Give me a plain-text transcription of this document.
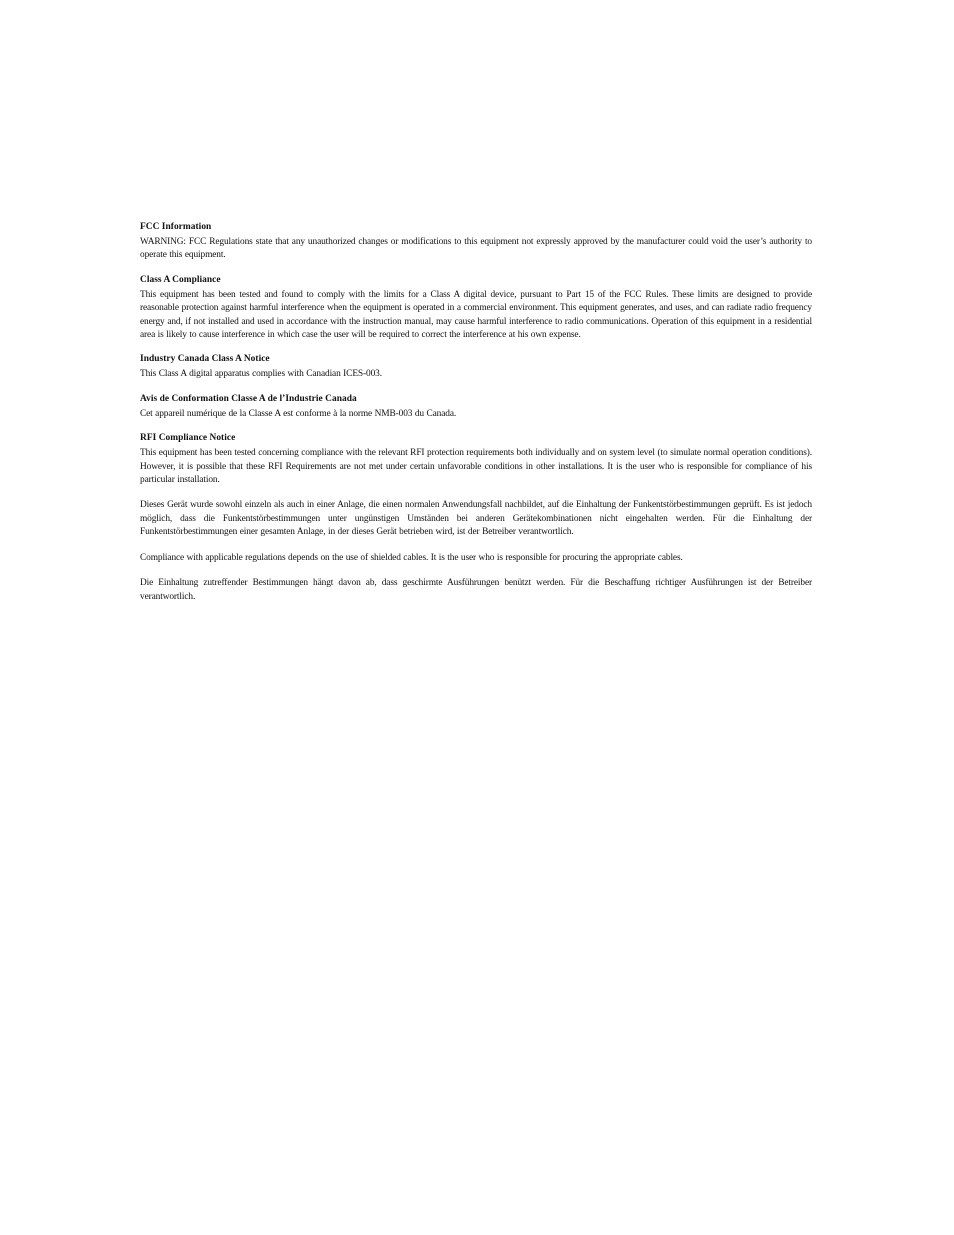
FCC Information

WARNING: FCC Regulations state that any unauthorized changes or modifications to this equipment not expressly approved by the manufacturer could void the user’s authority to operate this equipment.

Class A Compliance

This equipment has been tested and found to comply with the limits for a Class A digital device, pursuant to Part 15 of the FCC Rules. These limits are designed to provide reasonable protection against harmful interference when the equipment is operated in a commercial environment. This equipment generates, and uses, and can radiate radio frequency energy and, if not installed and used in accordance with the instruction manual, may cause harmful interference to radio communications. Operation of this equipment in a residential area is likely to cause interference in which case the user will be required to correct the interference at his own expense.

Industry Canada Class A Notice

This Class A digital apparatus complies with Canadian ICES-003.

Avis de Conformation Classe A de l’Industrie Canada

Cet appareil numérique de la Classe A est conforme à la norme NMB-003 du Canada.

RFI Compliance Notice

This equipment has been tested concerning compliance with the relevant RFI protection requirements both individually and on system level (to simulate normal operation conditions). However, it is possible that these RFI Requirements are not met under certain unfavorable conditions in other installations. It is the user who is responsible for compliance of his particular installation.

Dieses Gerät wurde sowohl einzeln als auch in einer Anlage, die einen normalen Anwendungsfall nachbildet, auf die Einhaltung der Funkentstörbestimmungen geprüft. Es ist jedoch möglich, dass die Funkentstörbestimmungen unter ungünstigen Umständen bei anderen Gerätekombinationen nicht eingehalten werden. Für die Einhaltung der Funkentstörbestimmungen einer gesamten Anlage, in der dieses Gerät betrieben wird, ist der Betreiber verantwortlich.

Compliance with applicable regulations depends on the use of shielded cables. It is the user who is responsible for procuring the appropriate cables.

Die Einhaltung zutreffender Bestimmungen hängt davon ab, dass geschirmte Ausführungen benützt werden. Für die Beschaffung richtiger Ausführungen ist der Betreiber verantwortlich.
